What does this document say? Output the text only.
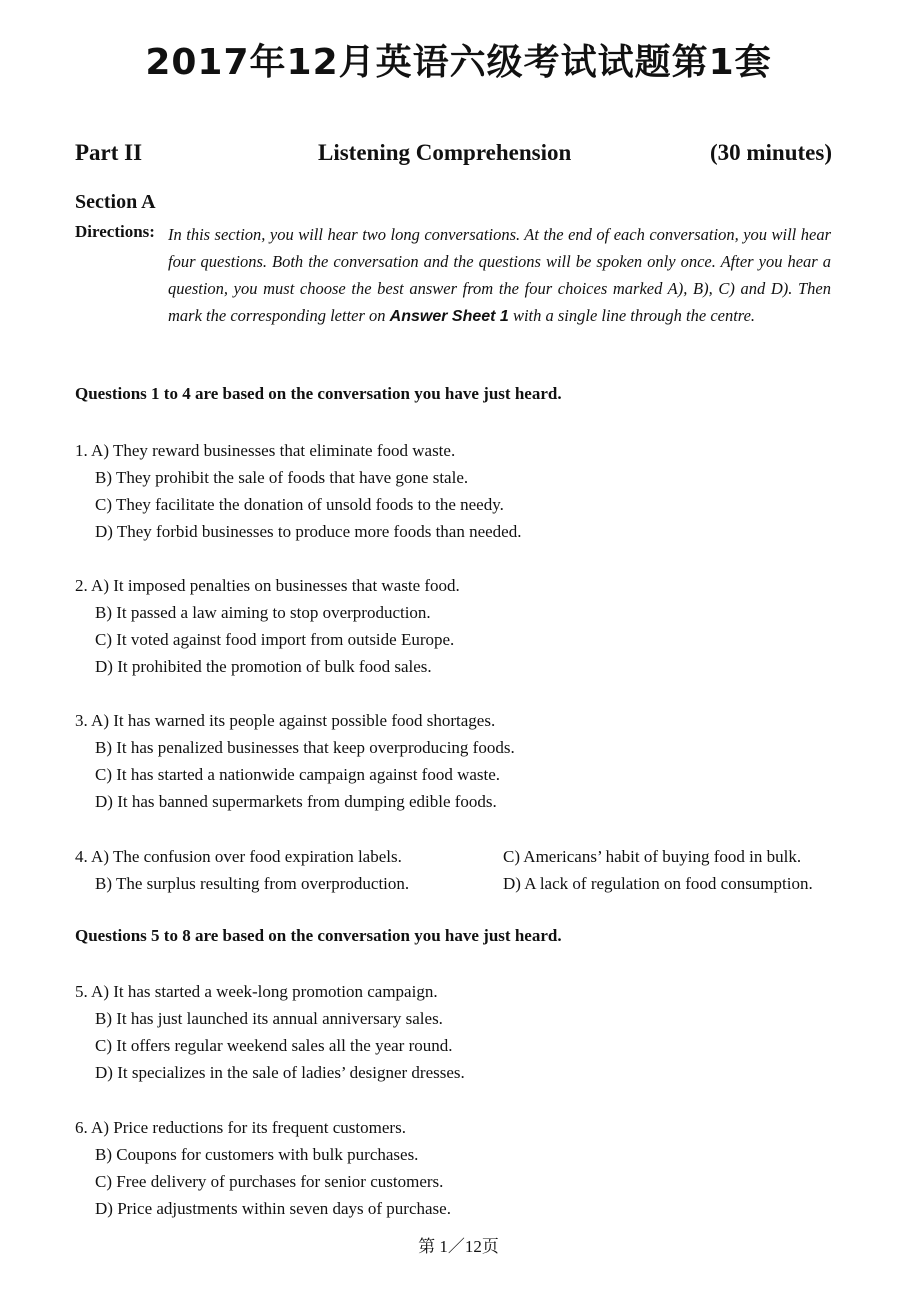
2017年12月英语六级考试试题第1套
Part II	Listening Comprehension	(30 minutes)
Section A
Directions: In this section, you will hear two long conversations. At the end of each conversation, you will hear four questions. Both the conversation and the questions will be spoken only once. After you hear a question, you must choose the best answer from the four choices marked A), B), C) and D). Then mark the corresponding letter on Answer Sheet 1 with a single line through the centre.
Questions 1 to 4 are based on the conversation you have just heard.
1. A) They reward businesses that eliminate food waste.
B) They prohibit the sale of foods that have gone stale.
C) They facilitate the donation of unsold foods to the needy.
D) They forbid businesses to produce more foods than needed.
2. A) It imposed penalties on businesses that waste food.
B) It passed a law aiming to stop overproduction.
C) It voted against food import from outside Europe.
D) It prohibited the promotion of bulk food sales.
3. A) It has warned its people against possible food shortages.
B) It has penalized businesses that keep overproducing foods.
C) It has started a nationwide campaign against food waste.
D) It has banned supermarkets from dumping edible foods.
4. A) The confusion over food expiration labels.	C) Americans’ habit of buying food in bulk.
B) The surplus resulting from overproduction.	D) A lack of regulation on food consumption.
Questions 5 to 8 are based on the conversation you have just heard.
5. A) It has started a week-long promotion campaign.
B) It has just launched its annual anniversary sales.
C) It offers regular weekend sales all the year round.
D) It specializes in the sale of ladies’ designer dresses.
6. A) Price reductions for its frequent customers.
B) Coupons for customers with bulk purchases.
C) Free delivery of purchases for senior customers.
D) Price adjustments within seven days of purchase.
第 1／12页
